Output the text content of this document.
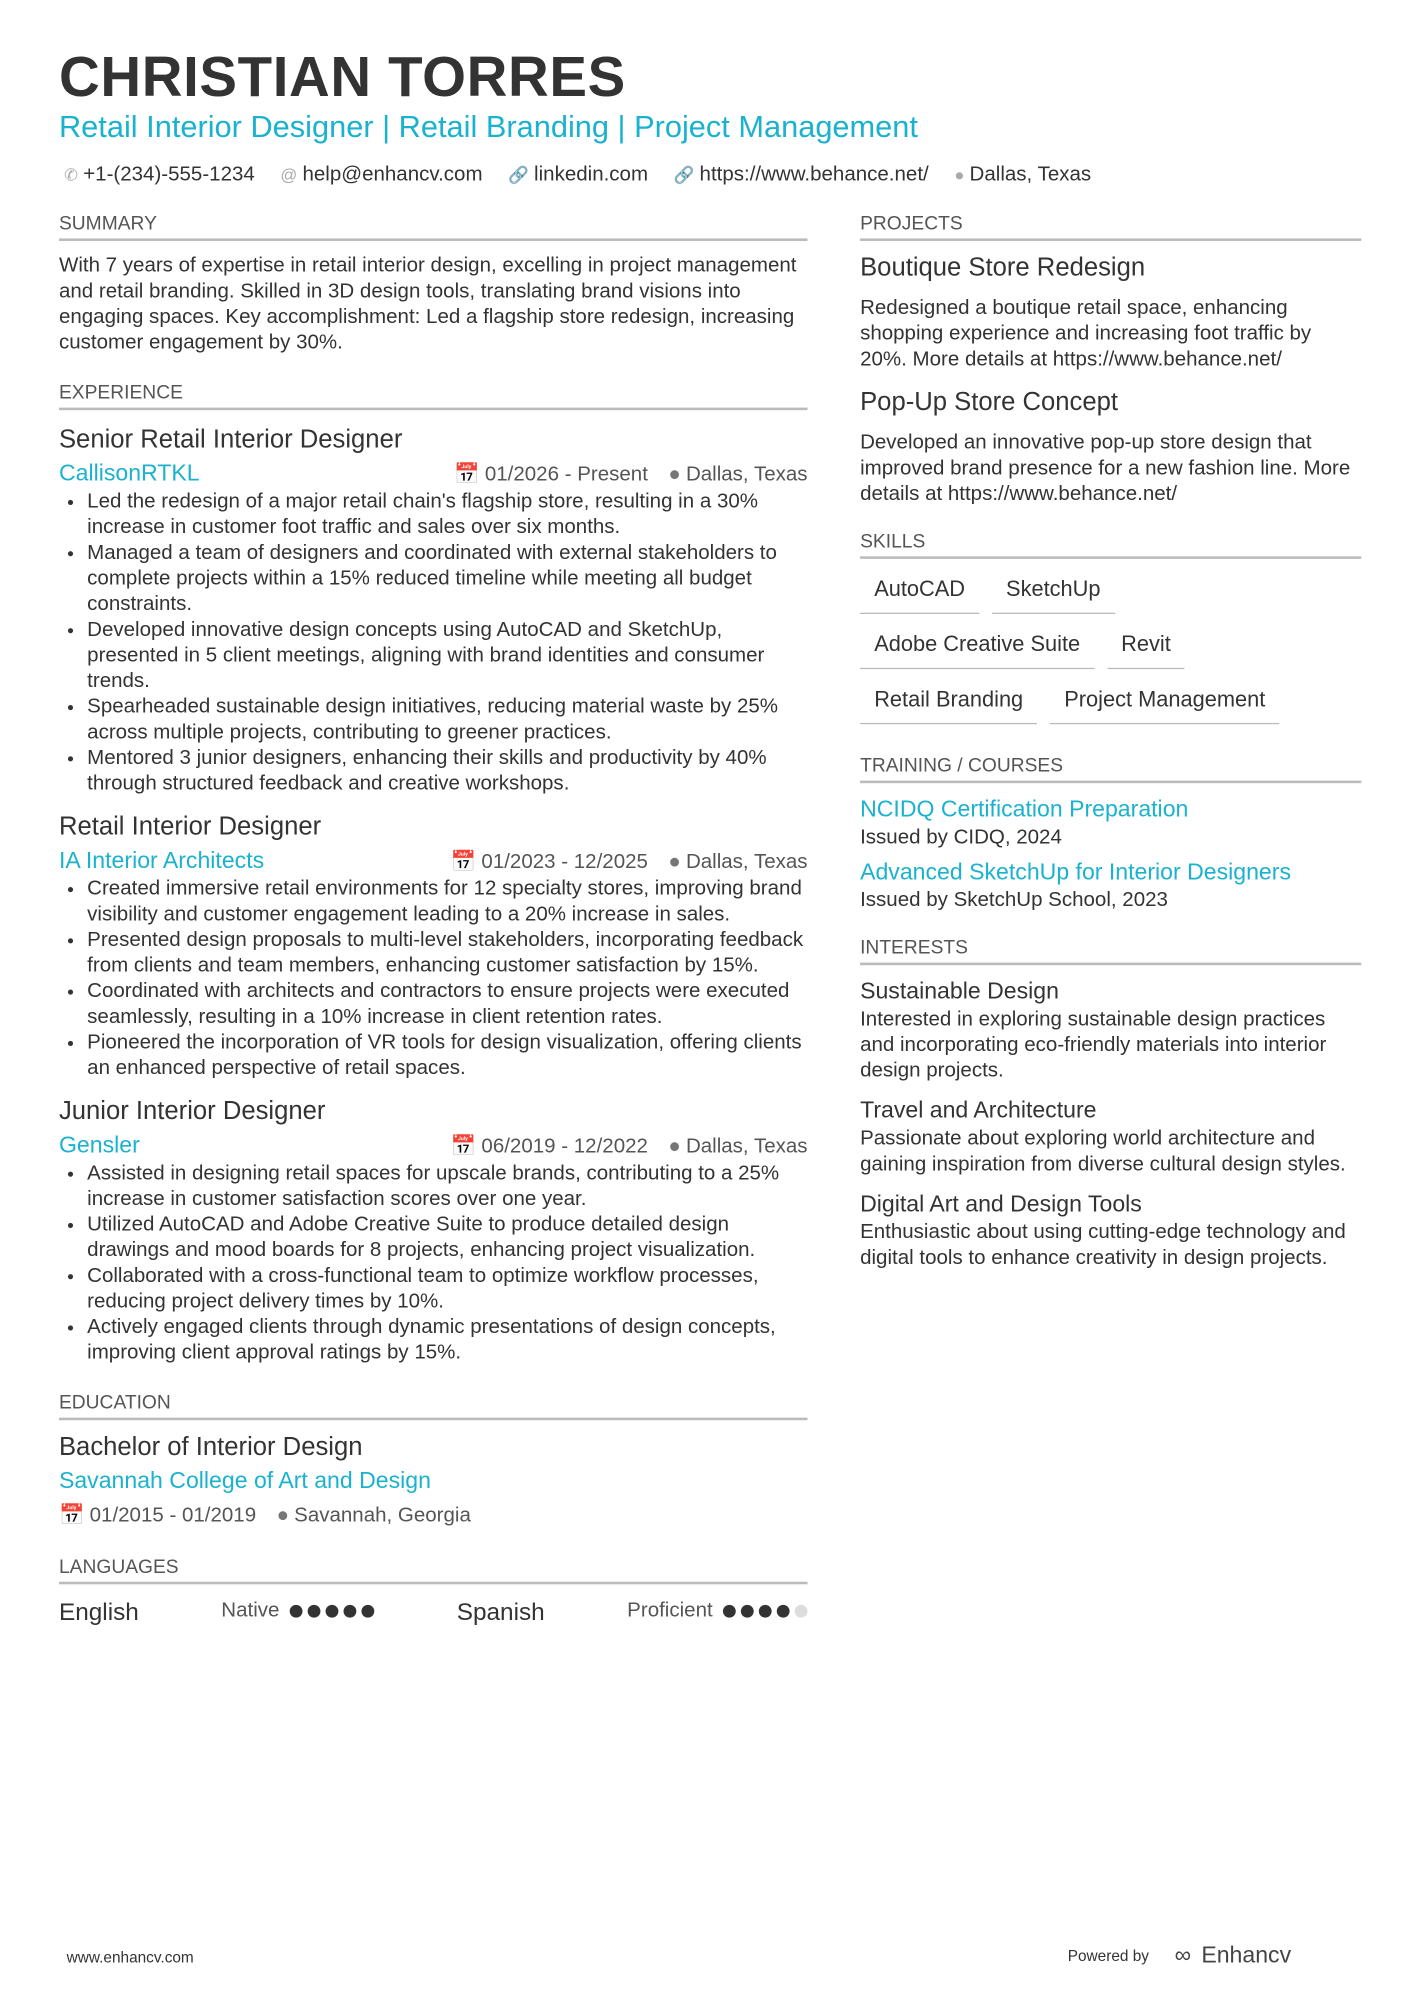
CHRISTIAN TORRES
Retail Interior Designer | Retail Branding | Project Management
✆ +1-(234)-555-1234 @ help@enhancv.com 🔗 linkedin.com 🔗 https://www.behance.net/ ● Dallas, Texas
SUMMARY

With 7 years of expertise in retail interior design, excelling in project management and retail branding. Skilled in 3D design tools, translating brand visions into engaging spaces. Key accomplishment: Led a flagship store redesign, increasing customer engagement by 30%.

EXPERIENCE
Senior Retail Interior Designer
CallisonRTKL	📅 01/2026 - Present ● Dallas, Texas
• Led the redesign of a major retail chain's flagship store, resulting in a 30% increase in customer foot traffic and sales over six months.
• Managed a team of designers and coordinated with external stakeholders to complete projects within a 15% reduced timeline while meeting all budget constraints.
• Developed innovative design concepts using AutoCAD and SketchUp, presented in 5 client meetings, aligning with brand identities and consumer trends.
• Spearheaded sustainable design initiatives, reducing material waste by 25% across multiple projects, contributing to greener practices.
• Mentored 3 junior designers, enhancing their skills and productivity by 40% through structured feedback and creative workshops.
Retail Interior Designer
IA Interior Architects	📅 01/2023 - 12/2025 ● Dallas, Texas
• Created immersive retail environments for 12 specialty stores, improving brand visibility and customer engagement leading to a 20% increase in sales.
• Presented design proposals to multi-level stakeholders, incorporating feedback from clients and team members, enhancing customer satisfaction by 15%.
• Coordinated with architects and contractors to ensure projects were executed seamlessly, resulting in a 10% increase in client retention rates.
• Pioneered the incorporation of VR tools for design visualization, offering clients an enhanced perspective of retail spaces.
Junior Interior Designer
Gensler	📅 06/2019 - 12/2022 ● Dallas, Texas
• Assisted in designing retail spaces for upscale brands, contributing to a 25% increase in customer satisfaction scores over one year.
• Utilized AutoCAD and Adobe Creative Suite to produce detailed design drawings and mood boards for 8 projects, enhancing project visualization.
• Collaborated with a cross-functional team to optimize workflow processes, reducing project delivery times by 10%.
• Actively engaged clients through dynamic presentations of design concepts, improving client approval ratings by 15%.
EDUCATION
Bachelor of Interior Design
Savannah College of Art and Design
📅 01/2015 - 01/2019 ● Savannah, Georgia
LANGUAGES
English	Native	Spanish	Proficient
PROJECTS
Boutique Store Redesign

Redesigned a boutique retail space, enhancing shopping experience and increasing foot traffic by 20%. More details at https://www.behance.net/

Pop-Up Store Concept

Developed an innovative pop-up store design that improved brand presence for a new fashion line. More details at https://www.behance.net/

SKILLS
AutoCAD	SketchUp
Adobe Creative Suite	Revit
Retail Branding	Project Management
TRAINING / COURSES
NCIDQ Certification Preparation

Issued by CIDQ, 2024

Advanced SketchUp for Interior Designers

Issued by SketchUp School, 2023

INTERESTS
Sustainable Design

Interested in exploring sustainable design practices and incorporating eco-friendly materials into interior design projects.

Travel and Architecture

Passionate about exploring world architecture and gaining inspiration from diverse cultural design styles.

Digital Art and Design Tools

Enthusiastic about using cutting-edge technology and digital tools to enhance creativity in design projects.

www.enhancv.com	Powered by ∞ Enhancv
